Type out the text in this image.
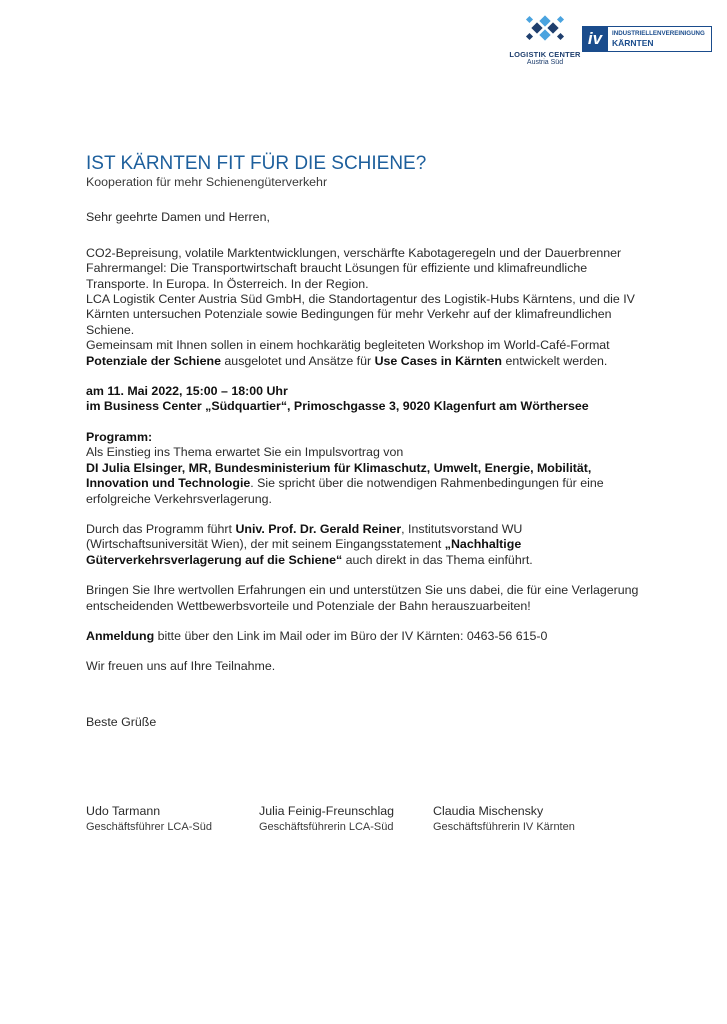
LOGISTIK CENTER
Austria Süd
iv	INDUSTRIELLENVEREINIGUNG
KÄRNTEN
IST KÄRNTEN FIT FÜR DIE SCHIENE?

Kooperation für mehr Schienengüterverkehr

Sehr geehrte Damen und Herren,

CO2-Bepreisung, volatile Marktentwicklungen, verschärfte Kabotageregeln und der Dauerbrenner Fahrermangel: Die Transportwirtschaft braucht Lösungen für effiziente und klimafreundliche Transporte. In Europa. In Österreich. In der Region.

LCA Logistik Center Austria Süd GmbH, die Standortagentur des Logistik-Hubs Kärntens, und die IV Kärnten untersuchen Potenziale sowie Bedingungen für mehr Verkehr auf der klimafreundlichen Schiene.

Gemeinsam mit Ihnen sollen in einem hochkarätig begleiteten Workshop im World-Café-Format Potenziale der Schiene ausgelotet und Ansätze für Use Cases in Kärnten entwickelt werden.

am 11. Mai 2022, 15:00 – 18:00 Uhr

im Business Center „Südquartier“, Primoschgasse 3, 9020 Klagenfurt am Wörthersee

Programm:

Als Einstieg ins Thema erwartet Sie ein Impulsvortrag von
DI Julia Elsinger, MR, Bundesministerium für Klimaschutz, Umwelt, Energie, Mobilität, Innovation und Technologie. Sie spricht über die notwendigen Rahmenbedingungen für eine erfolgreiche Verkehrsverlagerung.

Durch das Programm führt Univ. Prof. Dr. Gerald Reiner, Institutsvorstand WU (Wirtschaftsuniversität Wien), der mit seinem Eingangsstatement „Nachhaltige Güterverkehrsverlagerung auf die Schiene“ auch direkt in das Thema einführt.

Bringen Sie Ihre wertvollen Erfahrungen ein und unterstützen Sie uns dabei, die für eine Verlagerung entscheidenden Wettbewerbsvorteile und Potenziale der Bahn herauszuarbeiten!

Anmeldung bitte über den Link im Mail oder im Büro der IV Kärnten: 0463-56 615-0

Wir freuen uns auf Ihre Teilnahme.

Beste Grüße

Udo Tarmann
Geschäftsführer LCA-Süd
Julia Feinig-Freunschlag
Geschäftsführerin LCA-Süd
Claudia Mischensky
Geschäftsführerin IV Kärnten
